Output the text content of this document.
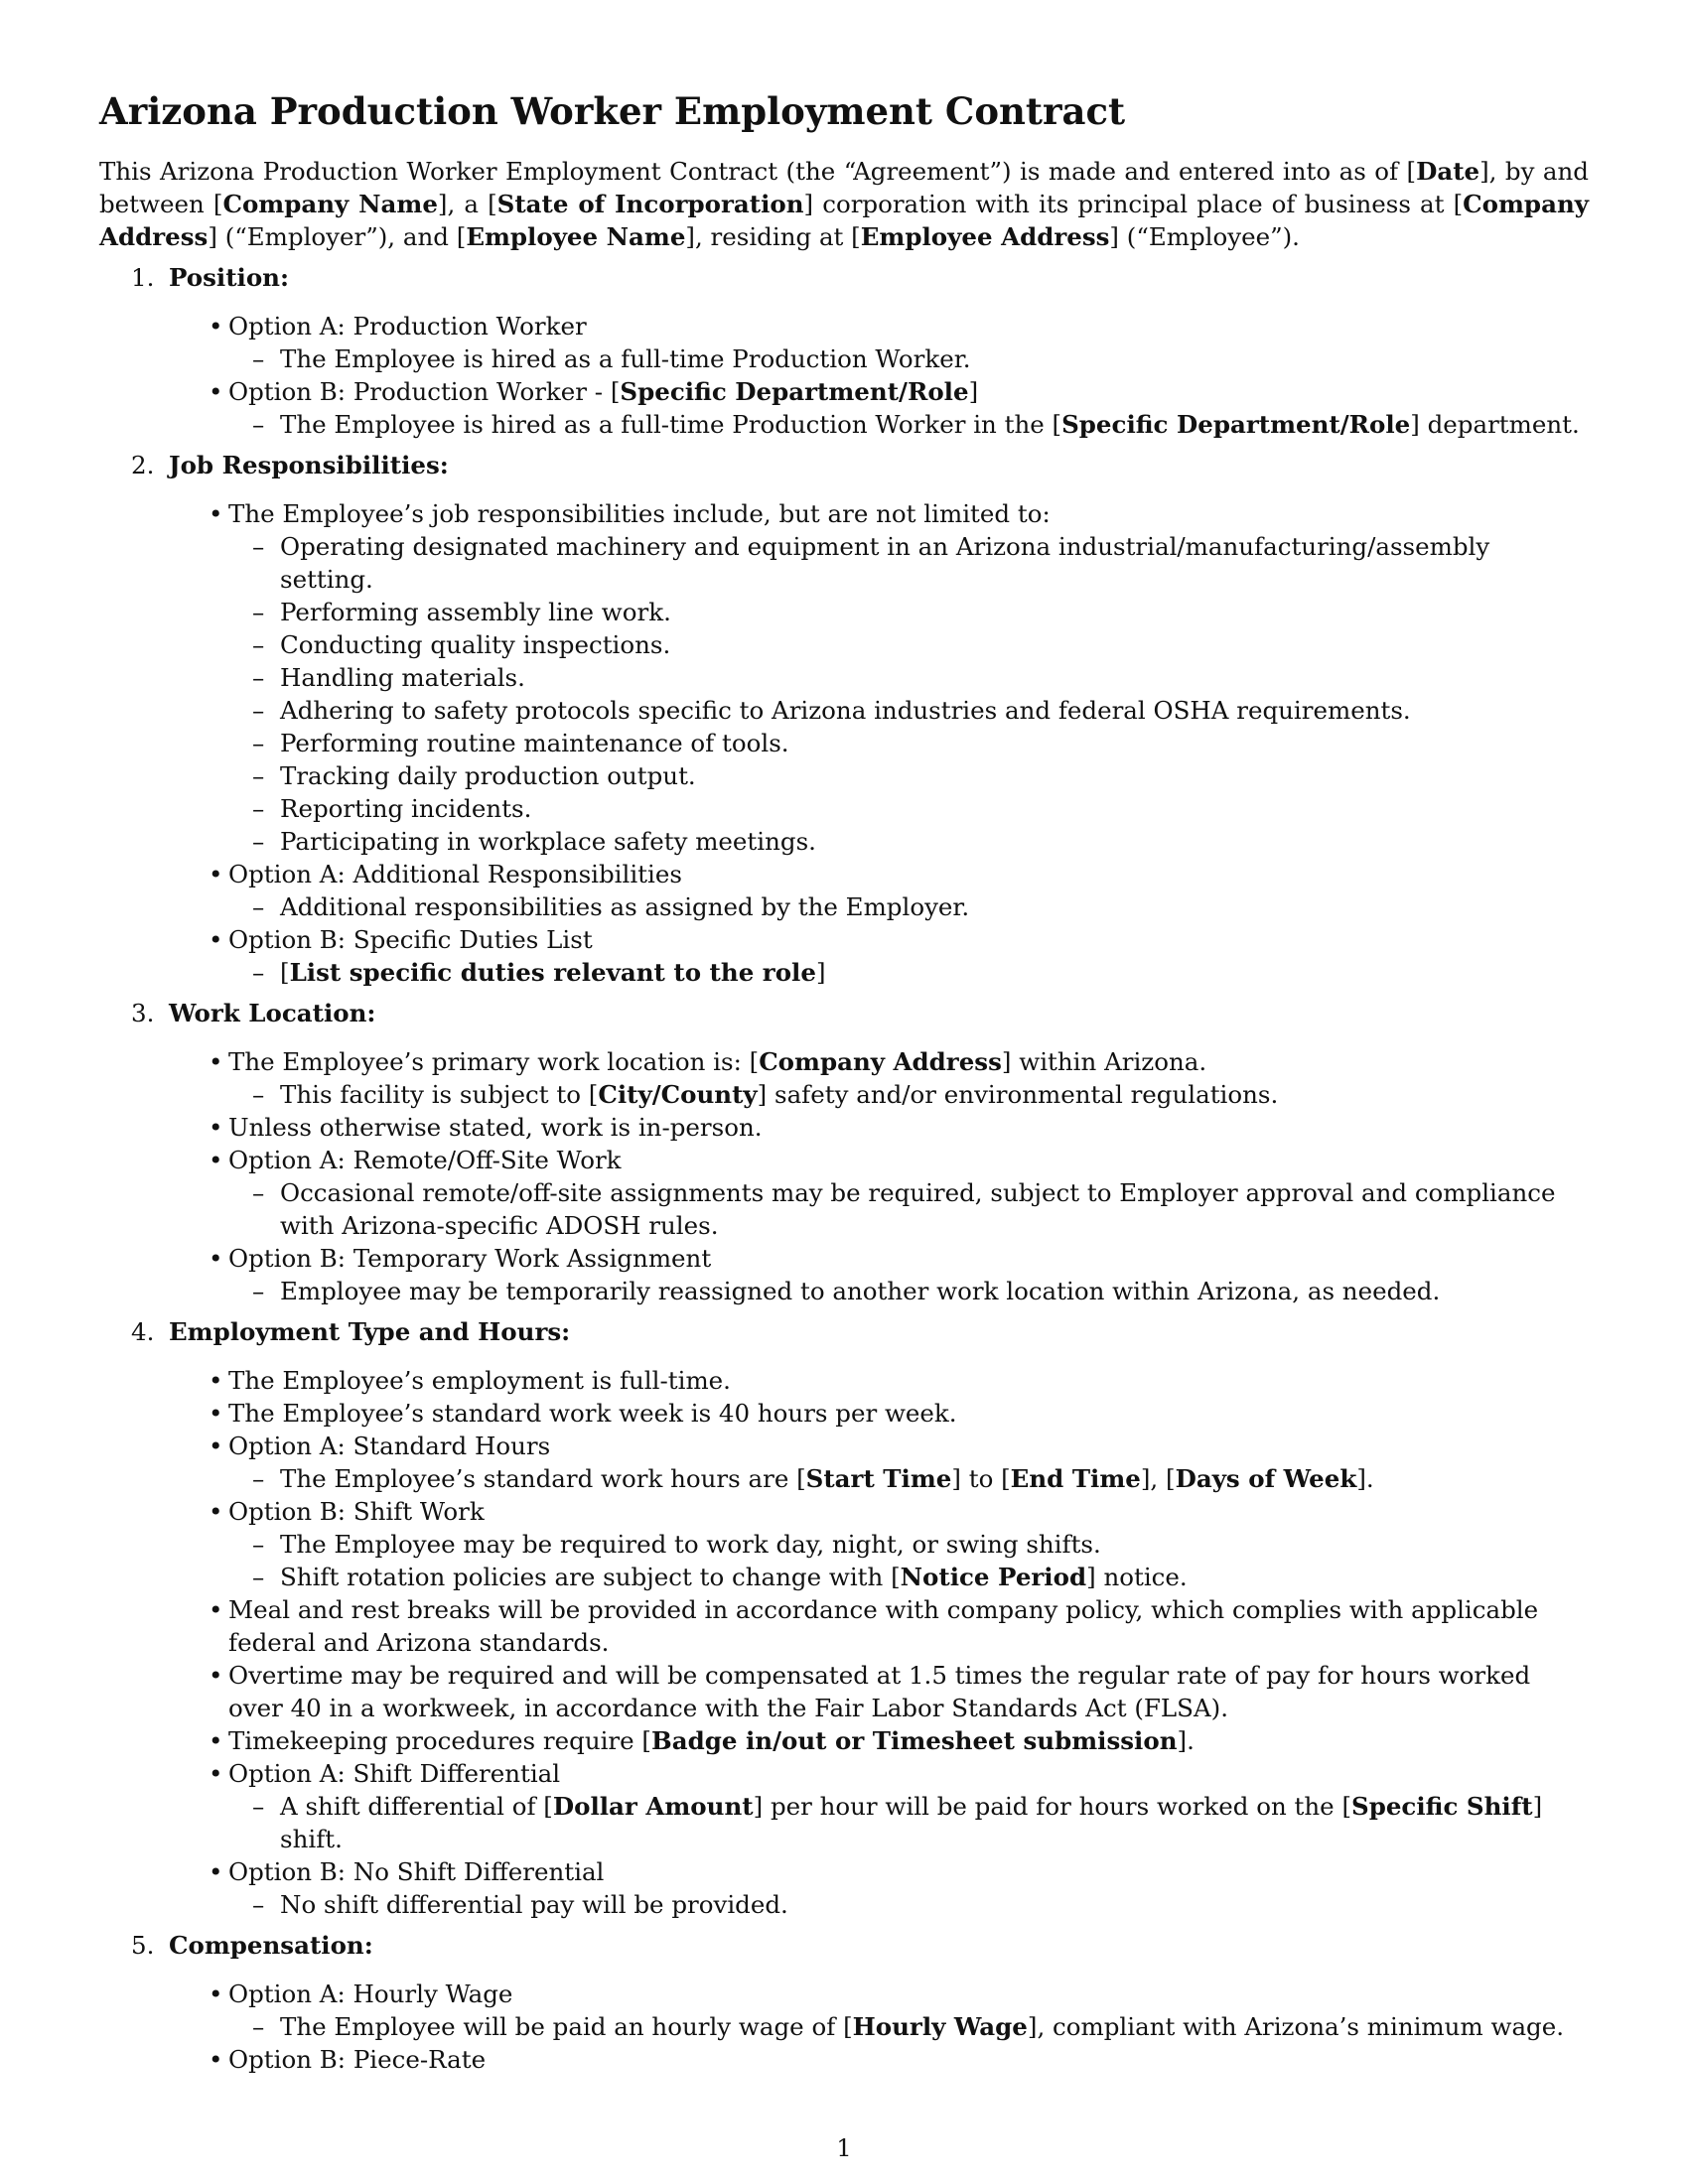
Arizona Production Worker Employment Contract

This Arizona Production Worker Employment Contract (the “Agreement”) is made and entered into as of [Date], by and between [Company Name], a [State of Incorporation] corporation with its principal place of business at [Company Address] (“Employer”), and [Employee Name], residing at [Employee Address] (“Employee”).

1. Position:
• Option A: Production Worker
– The Employee is hired as a full-time Production Worker.
• Option B: Production Worker - [Specific Department/Role]
– The Employee is hired as a full-time Production Worker in the [Specific Department/Role] department.
2. Job Responsibilities:
• The Employee’s job responsibilities include, but are not limited to:
– Operating designated machinery and equipment in an Arizona industrial/manufacturing/assembly setting.
– Performing assembly line work.
– Conducting quality inspections.
– Handling materials.
– Adhering to safety protocols specific to Arizona industries and federal OSHA requirements.
– Performing routine maintenance of tools.
– Tracking daily production output.
– Reporting incidents.
– Participating in workplace safety meetings.
• Option A: Additional Responsibilities
– Additional responsibilities as assigned by the Employer.
• Option B: Specific Duties List
– [List specific duties relevant to the role]
3. Work Location:
• The Employee’s primary work location is: [Company Address] within Arizona.
– This facility is subject to [City/County] safety and/or environmental regulations.
• Unless otherwise stated, work is in-person.
• Option A: Remote/Off-Site Work
– Occasional remote/off-site assignments may be required, subject to Employer approval and compliance with Arizona-specific ADOSH rules.
• Option B: Temporary Work Assignment
– Employee may be temporarily reassigned to another work location within Arizona, as needed.
4. Employment Type and Hours:
• The Employee’s employment is full-time.
• The Employee’s standard work week is 40 hours per week.
• Option A: Standard Hours
– The Employee’s standard work hours are [Start Time] to [End Time], [Days of Week].
• Option B: Shift Work
– The Employee may be required to work day, night, or swing shifts.
– Shift rotation policies are subject to change with [Notice Period] notice.
• Meal and rest breaks will be provided in accordance with company policy, which complies with applicable federal and Arizona standards.
• Overtime may be required and will be compensated at 1.5 times the regular rate of pay for hours worked over 40 in a workweek, in accordance with the Fair Labor Standards Act (FLSA).
• Timekeeping procedures require [Badge in/out or Timesheet submission].
• Option A: Shift Differential
– A shift differential of [Dollar Amount] per hour will be paid for hours worked on the [Specific Shift] shift.
• Option B: No Shift Differential
– No shift differential pay will be provided.
5. Compensation:
• Option A: Hourly Wage
– The Employee will be paid an hourly wage of [Hourly Wage], compliant with Arizona’s minimum wage.
• Option B: Piece-Rate
1
